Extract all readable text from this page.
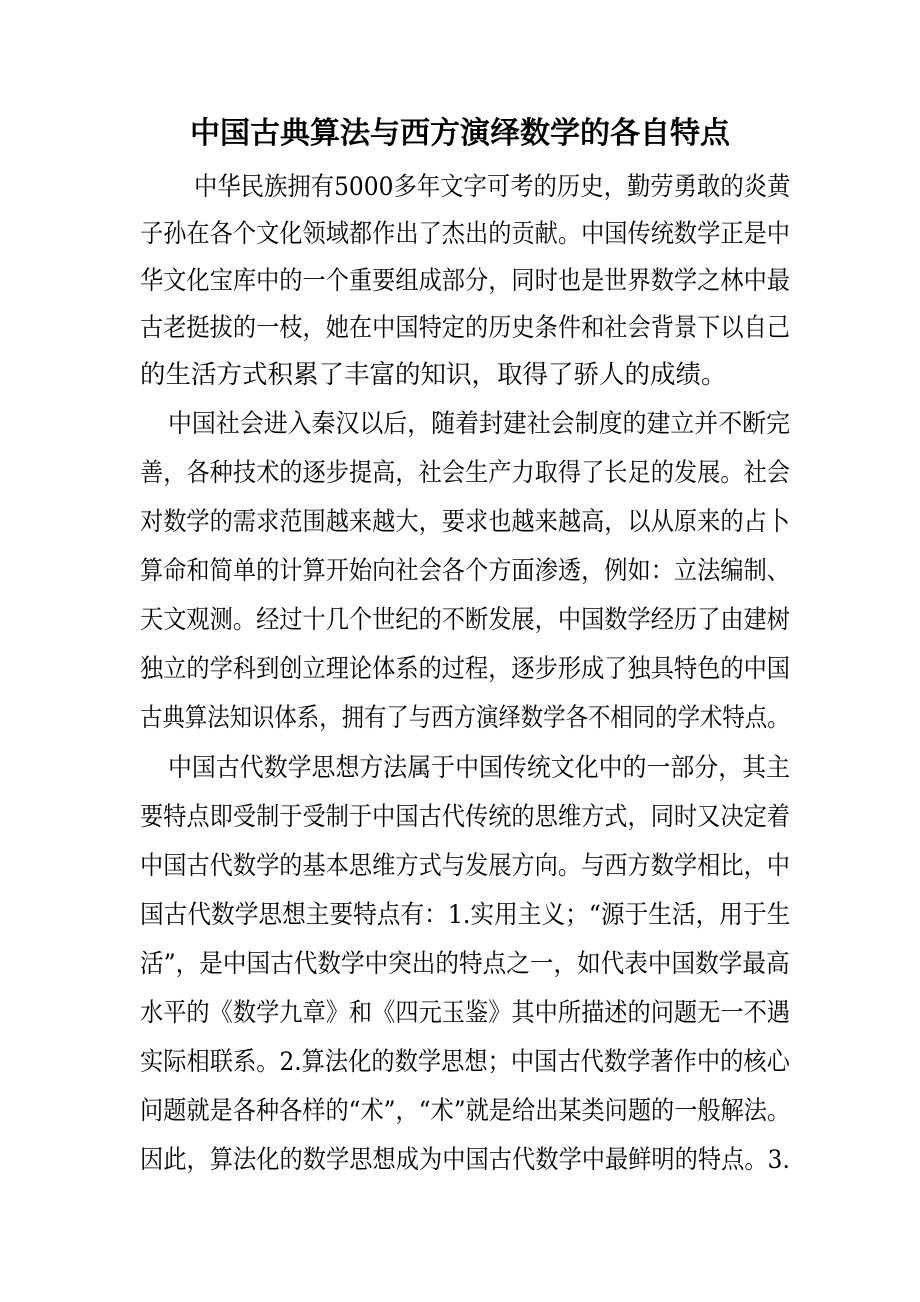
中国古典算法与西方演绎数学的各自特点

中华民族拥有5000多年文字可考的历史，勤劳勇敢的炎黄

子孙在各个文化领域都作出了杰出的贡献。中国传统数学正是中

华文化宝库中的一个重要组成部分，同时也是世界数学之林中最

古老挺拔的一枝，她在中国特定的历史条件和社会背景下以自己

的生活方式积累了丰富的知识，取得了骄人的成绩。

中国社会进入秦汉以后，随着封建社会制度的建立并不断完

善，各种技术的逐步提高，社会生产力取得了长足的发展。社会

对数学的需求范围越来越大，要求也越来越高，以从原来的占卜

算命和简单的计算开始向社会各个方面渗透，例如：立法编制、

天文观测。经过十几个世纪的不断发展，中国数学经历了由建树

独立的学科到创立理论体系的过程，逐步形成了独具特色的中国

古典算法知识体系，拥有了与西方演绎数学各不相同的学术特点。

中国古代数学思想方法属于中国传统文化中的一部分，其主

要特点即受制于受制于中国古代传统的思维方式，同时又决定着

中国古代数学的基本思维方式与发展方向。与西方数学相比，中

国古代数学思想主要特点有：1.实用主义；“源于生活，用于生

活”，是中国古代数学中突出的特点之一，如代表中国数学最高

水平的《数学九章》和《四元玉鉴》其中所描述的问题无一不遇

实际相联系。2.算法化的数学思想；中国古代数学著作中的核心

问题就是各种各样的“术”，“术”就是给出某类问题的一般解法。

因此，算法化的数学思想成为中国古代数学中最鲜明的特点。3.
